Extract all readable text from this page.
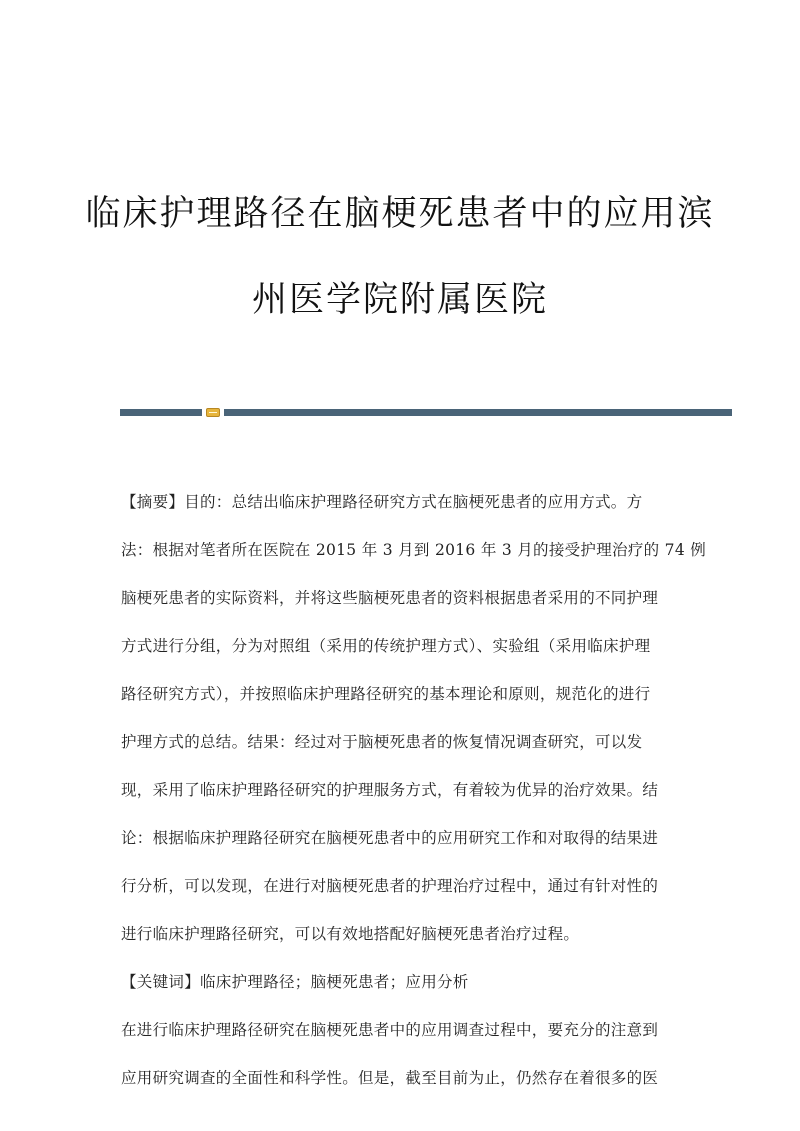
临床护理路径在脑梗死患者中的应用滨
州医学院附属医院
【摘要】目的：总结出临床护理路径研究方式在脑梗死患者的应用方式。方
法：根据对笔者所在医院在 2015 年 3 月到 2016 年 3 月的接受护理治疗的 74 例
脑梗死患者的实际资料，并将这些脑梗死患者的资料根据患者采用的不同护理
方式进行分组，分为对照组（采用的传统护理方式）、实验组（采用临床护理
路径研究方式），并按照临床护理路径研究的基本理论和原则，规范化的进行
护理方式的总结。结果：经过对于脑梗死患者的恢复情况调查研究，可以发
现，采用了临床护理路径研究的护理服务方式，有着较为优异的治疗效果。结
论：根据临床护理路径研究在脑梗死患者中的应用研究工作和对取得的结果进
行分析，可以发现，在进行对脑梗死患者的护理治疗过程中，通过有针对性的
进行临床护理路径研究，可以有效地搭配好脑梗死患者治疗过程。
【关键词】临床护理路径；脑梗死患者；应用分析
在进行临床护理路径研究在脑梗死患者中的应用调查过程中，要充分的注意到
应用研究调查的全面性和科学性。但是，截至目前为止，仍然存在着很多的医
